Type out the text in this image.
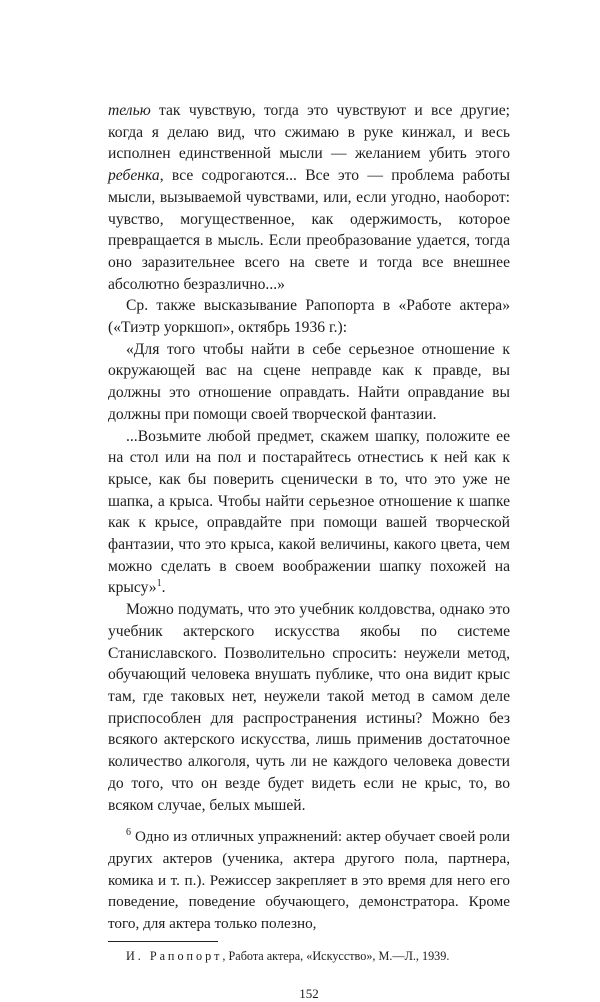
телью так чувствую, тогда это чувствуют и все другие; когда я делаю вид, что сжимаю в руке кинжал, и весь исполнен единственной мысли — желанием убить этого ребенка, все содрогаются... Все это — проблема работы мысли, вызываемой чувствами, или, если угодно, наоборот: чувство, могущественное, как одержимость, которое превращается в мысль. Если преобразование удается, тогда оно заразительнее всего на свете и тогда все внешнее абсолютно безразлично...»

Ср. также высказывание Рапопорта в «Работе актера» («Тиэтр уоркшоп», октябрь 1936 г.):

«Для того чтобы найти в себе серьезное отношение к окружающей вас на сцене неправде как к правде, вы должны это отношение оправдать. Найти оправдание вы должны при помощи своей творческой фантазии.

...Возьмите любой предмет, скажем шапку, положите ее на стол или на пол и постарайтесь отнестись к ней как к крысе, как бы поверить сценически в то, что это уже не шапка, а крыса. Чтобы найти серьезное отношение к шапке как к крысе, оправдайте при помощи вашей творческой фантазии, что это крыса, какой величины, какого цвета, чем можно сделать в своем воображении шапку похожей на крысу»$^1$.

Можно подумать, что это учебник колдовства, однако это учебник актерского искусства якобы по системе Станиславского. Позволительно спросить: неужели метод, обучающий человека внушать публике, что она видит крыс там, где таковых нет, неужели такой метод в самом деле приспособлен для распространения истины? Можно без всякого актерского искусства, лишь применив достаточное количество алкоголя, чуть ли не каждого человека довести до того, что он везде будет видеть если не крыс, то, во всяком случае, белых мышей.

$^6$ Одно из отличных упражнений: актер обучает своей роли других актеров (ученика, актера другого пола, партнера, комика и т. п.). Режиссер закрепляет в это время для него его поведение, поведение обучающего, демонстратора. Кроме того, для актера только полезно,

И. Рапопорт, Работа актера, «Искусство», М.—Л., 1939.

152
